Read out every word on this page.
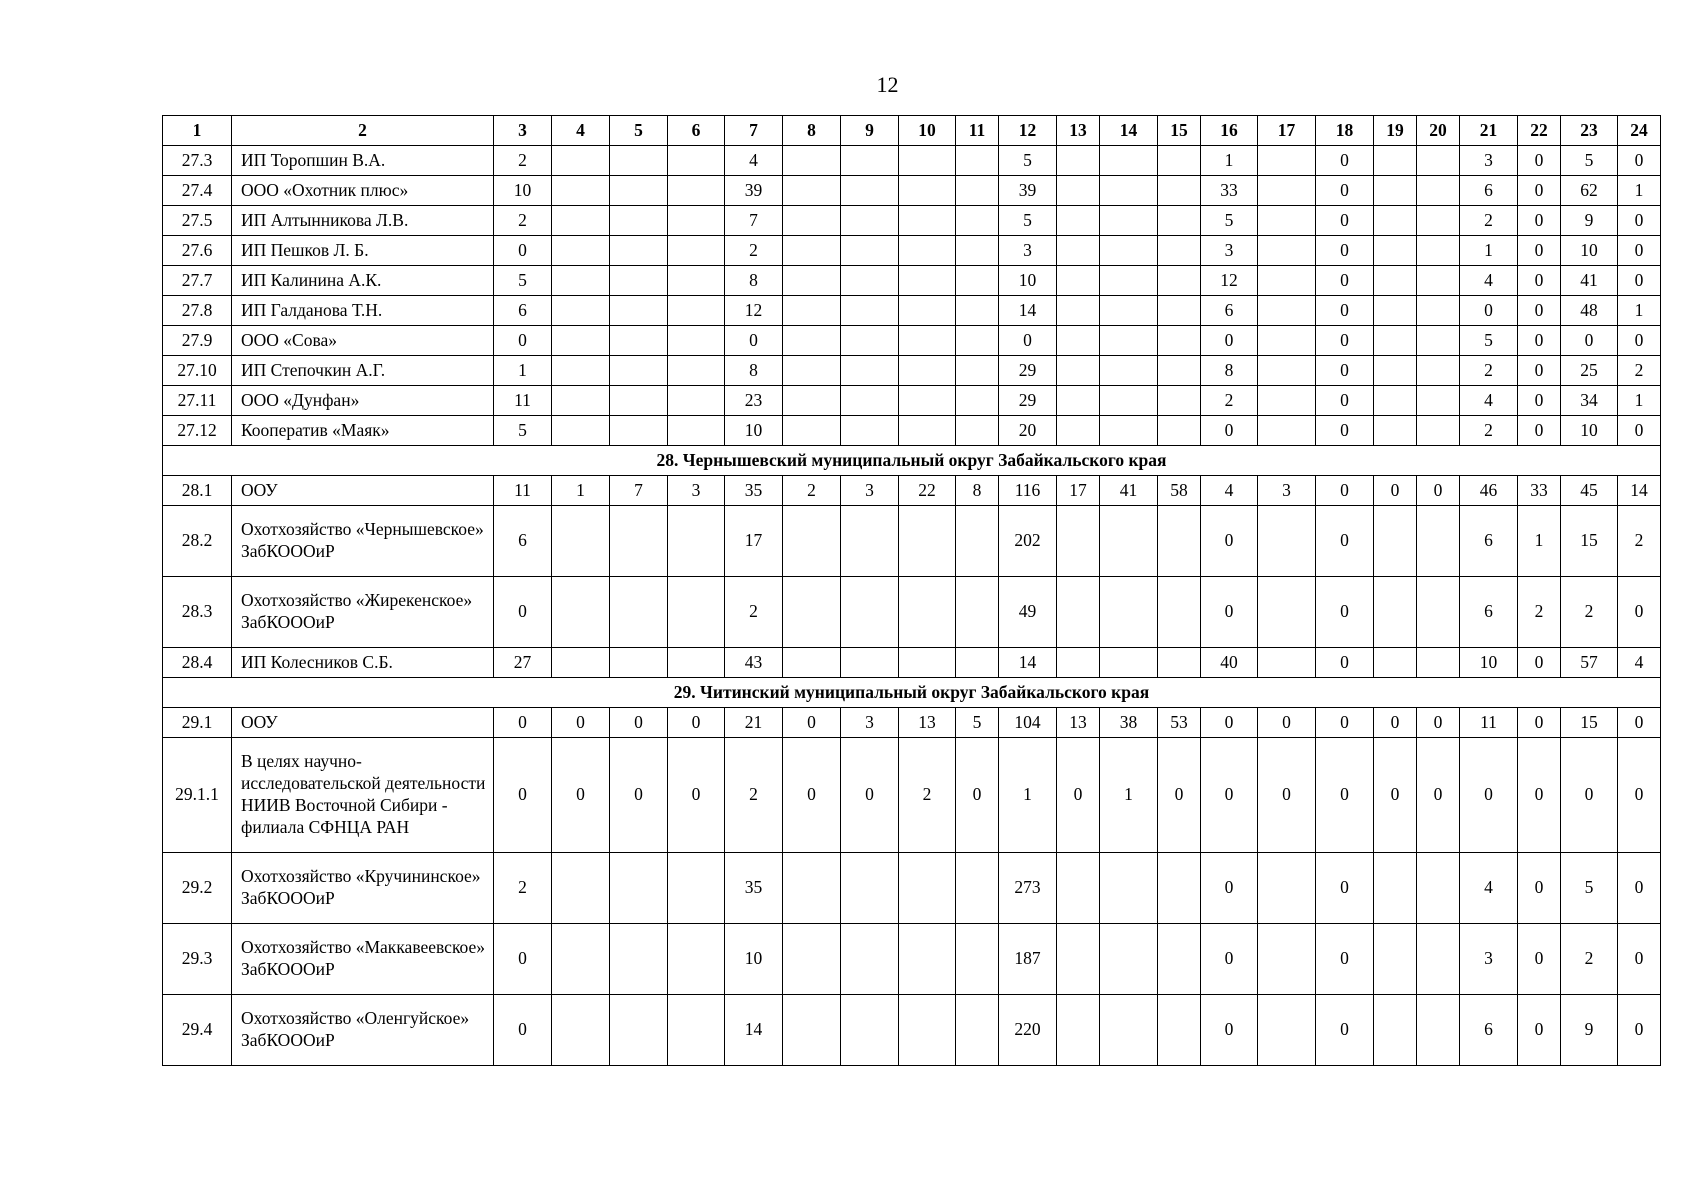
12
1	2	3	4	5	6	7	8	9	10	11	12	13	14	15	16	17	18	19	20	21	22	23	24
27.3	ИП Торопшин В.А.	2				4					5				1		0			3	0	5	0
27.4	ООО «Охотник плюс»	10				39					39				33		0			6	0	62	1
27.5	ИП Алтынникова Л.В.	2				7					5				5		0			2	0	9	0
27.6	ИП Пешков Л. Б.	0				2					3				3		0			1	0	10	0
27.7	ИП Калинина А.К.	5				8					10				12		0			4	0	41	0
27.8	ИП Галданова Т.Н.	6				12					14				6		0			0	0	48	1
27.9	ООО «Сова»	0				0					0				0		0			5	0	0	0
27.10	ИП Степочкин А.Г.	1				8					29				8		0			2	0	25	2
27.11	ООО «Дунфан»	11				23					29				2		0			4	0	34	1
27.12	Кооператив «Маяк»	5				10					20				0		0			2	0	10	0
28. Чернышевский муниципальный округ Забайкальского края																							
28.1	ООУ	11	1	7	3	35	2	3	22	8	116	17	41	58	4	3	0	0	0	46	33	45	14
28.2	Охотхозяйство «Чернышевское» ЗабКОООиР	6				17					202				0		0			6	1	15	2
28.3	Охотхозяйство «Жирекенское» ЗабКОООиР	0				2					49				0		0			6	2	2	0
28.4	ИП Колесников С.Б.	27				43					14				40		0			10	0	57	4
29. Читинский муниципальный округ Забайкальского края																							
29.1	ООУ	0	0	0	0	21	0	3	13	5	104	13	38	53	0	0	0	0	0	11	0	15	0
29.1.1	В целях научно-исследовательской деятельности НИИВ Восточной Сибири - филиала СФНЦА РАН	0	0	0	0	2	0	0	2	0	1	0	1	0	0	0	0	0	0	0	0	0	0
29.2	Охотхозяйство «Кручининское» ЗабКОООиР	2				35					273				0		0			4	0	5	0
29.3	Охотхозяйство «Маккавеевское» ЗабКОООиР	0				10					187				0		0			3	0	2	0
29.4	Охотхозяйство «Оленгуйское» ЗабКОООиР	0				14					220				0		0			6	0	9	0
